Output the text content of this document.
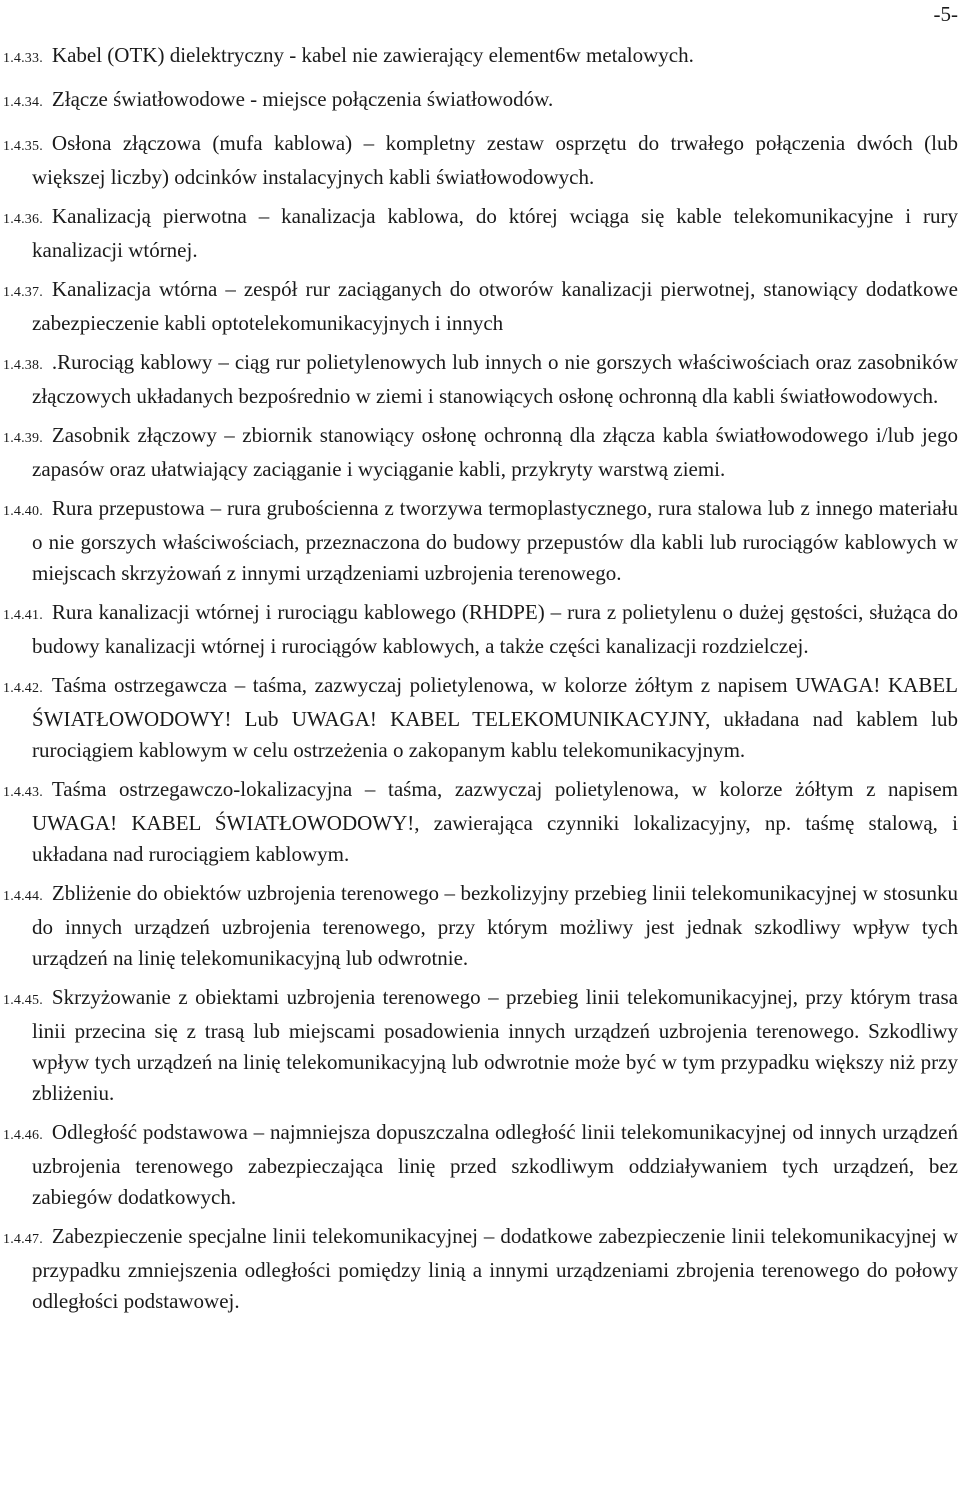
-5-

1.4.33. Kabel (OTK) dielektryczny - kabel nie zawierający element6w metalowych.

1.4.34. Złącze światłowodowe - miejsce połączenia światłowodów.

1.4.35. Osłona złączowa (mufa kablowa) – kompletny zestaw osprzętu do trwałego połączenia dwóch (lub większej liczby) odcinków instalacyjnych kabli światłowodowych.

1.4.36. Kanalizacją pierwotna – kanalizacja kablowa, do której wciąga się kable telekomunikacyjne i rury kanalizacji wtórnej.

1.4.37. Kanalizacja wtórna – zespół rur zaciąganych do otworów kanalizacji pierwotnej, stanowiący dodatkowe zabezpieczenie kabli optotelekomunikacyjnych i innych

1.4.38. .Rurociąg kablowy – ciąg rur polietylenowych lub innych o nie gorszych właściwościach oraz zasobników złączowych układanych bezpośrednio w ziemi i stanowiących osłonę ochronną dla kabli światłowodowych.

1.4.39. Zasobnik złączowy – zbiornik stanowiący osłonę ochronną dla złącza kabla światłowodowego i/lub jego zapasów oraz ułatwiający zaciąganie i wyciąganie kabli, przykryty warstwą ziemi.

1.4.40. Rura przepustowa – rura grubościenna z tworzywa termoplastycznego, rura stalowa lub z innego materiału o nie gorszych właściwościach, przeznaczona do budowy przepustów dla kabli lub rurociągów kablowych w miejscach skrzyżowań z innymi urządzeniami uzbrojenia terenowego.

1.4.41. Rura kanalizacji wtórnej i rurociągu kablowego (RHDPE) – rura z polietylenu o dużej gęstości, służąca do budowy kanalizacji wtórnej i rurociągów kablowych, a także części kanalizacji rozdzielczej.

1.4.42. Taśma ostrzegawcza – taśma, zazwyczaj polietylenowa, w kolorze żółtym z napisem UWAGA! KABEL ŚWIATŁOWODOWY! Lub UWAGA! KABEL TELEKOMUNIKACYJNY, układana nad kablem lub rurociągiem kablowym w celu ostrzeżenia o zakopanym kablu telekomunikacyjnym.

1.4.43. Taśma ostrzegawczo-lokalizacyjna – taśma, zazwyczaj polietylenowa, w kolorze żółtym z napisem UWAGA! KABEL ŚWIATŁOWODOWY!, zawierająca czynniki lokalizacyjny, np. taśmę stalową, i układana nad rurociągiem kablowym.

1.4.44. Zbliżenie do obiektów uzbrojenia terenowego – bezkolizyjny przebieg linii telekomunikacyjnej w stosunku do innych urządzeń uzbrojenia terenowego, przy którym możliwy jest jednak szkodliwy wpływ tych urządzeń na linię telekomunikacyjną lub odwrotnie.

1.4.45. Skrzyżowanie z obiektami uzbrojenia terenowego – przebieg linii telekomunikacyjnej, przy którym trasa linii przecina się z trasą lub miejscami posadowienia innych urządzeń uzbrojenia terenowego. Szkodliwy wpływ tych urządzeń na linię telekomunikacyjną lub odwrotnie może być w tym przypadku większy niż przy zbliżeniu.

1.4.46. Odległość podstawowa – najmniejsza dopuszczalna odległość linii telekomunikacyjnej od innych urządzeń uzbrojenia terenowego zabezpieczająca linię przed szkodliwym oddziaływaniem tych urządzeń, bez zabiegów dodatkowych.

1.4.47. Zabezpieczenie specjalne linii telekomunikacyjnej – dodatkowe zabezpieczenie linii telekomunikacyjnej w przypadku zmniejszenia odległości pomiędzy linią a innymi urządzeniami zbrojenia terenowego do połowy odległości podstawowej.
